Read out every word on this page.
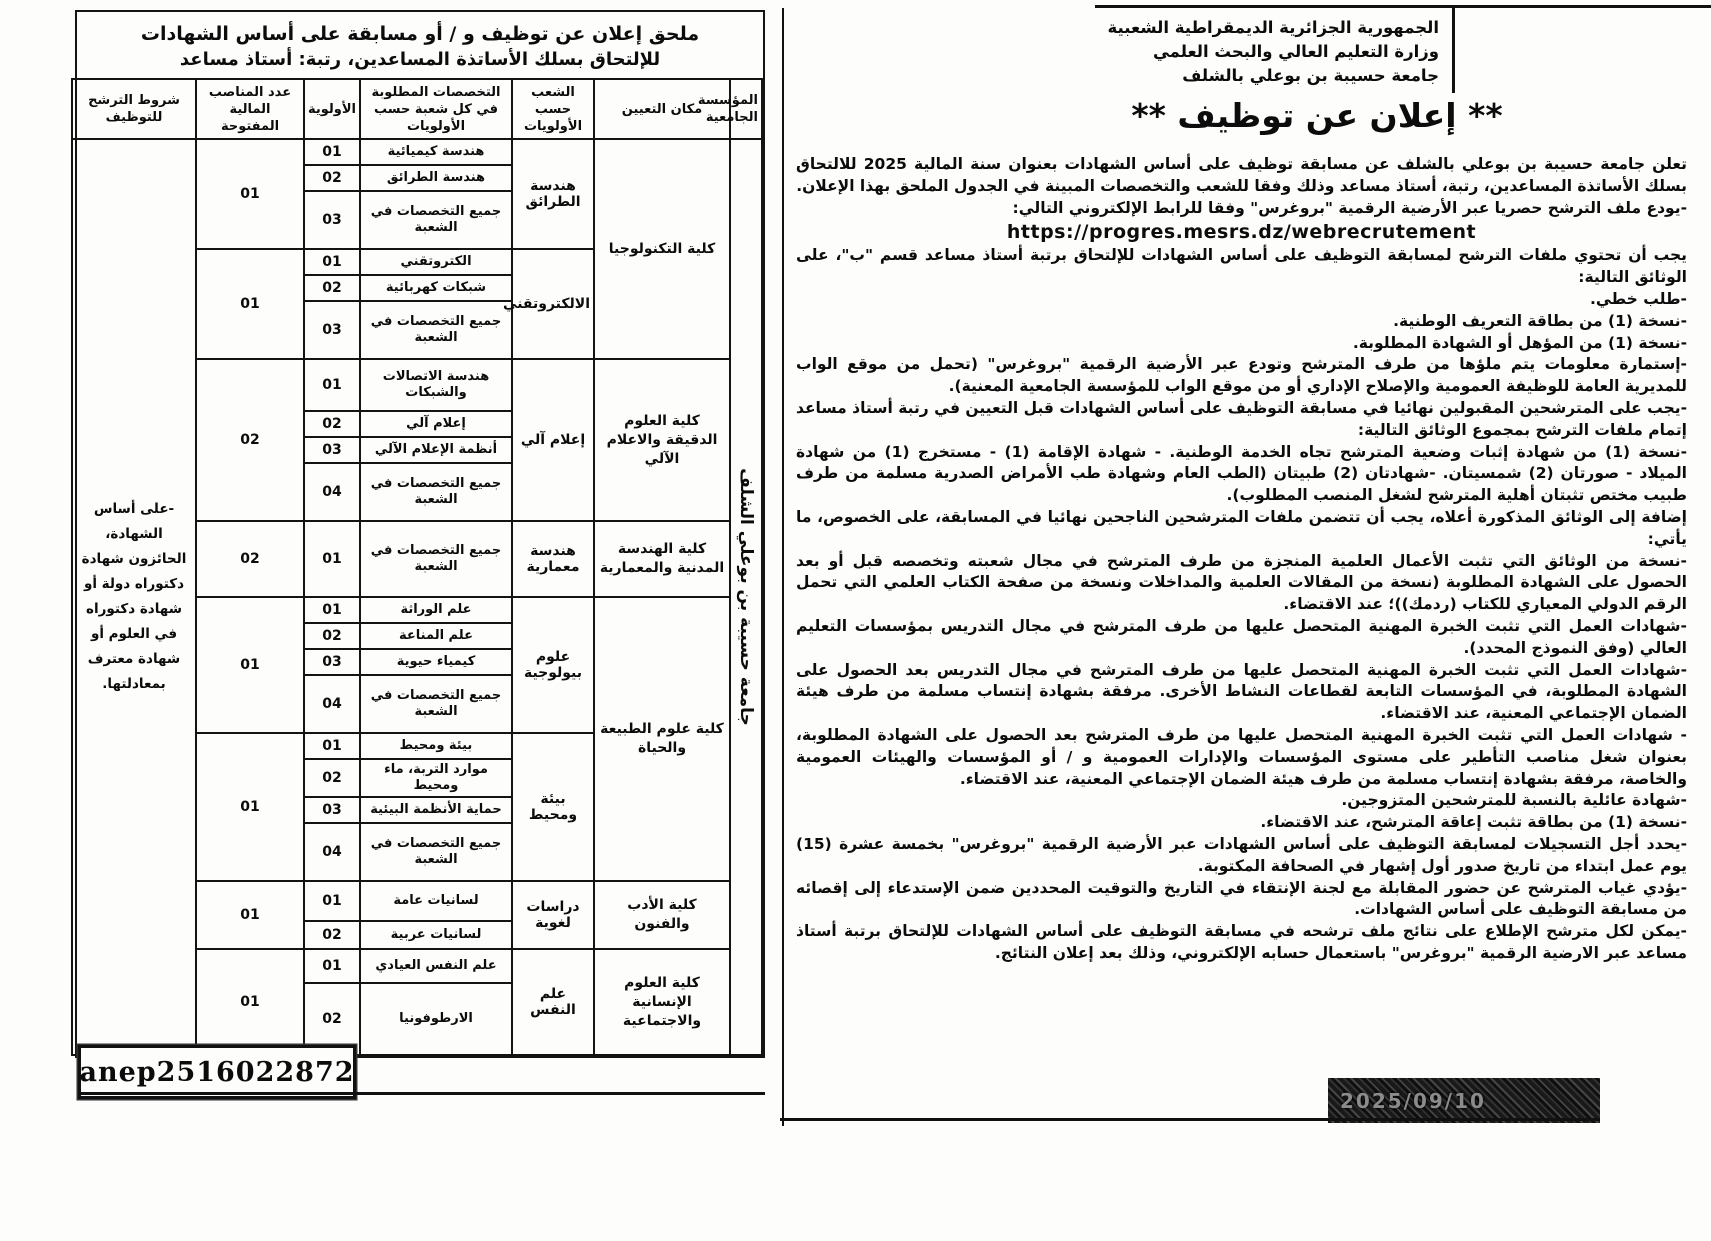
ملحق إعلان عن توظيف و / أو مسابقة على أساس الشهادات
للإلتحاق بسلك الأساتذة المساعدين، رتبة: أستاذ مساعد
المؤسسة الجامعية	مكان التعيين	الشعب حسب الأولويات	التخصصات المطلوبة في كل شعبة حسب الأولويات	الأولوية	عدد المناصب المالية المفتوحة	شروط الترشح للتوظيف

جامعة حسيبة بن بوعلي الشلف	كلية التكنولوجيا	هندسة الطرائق	هندسة كيميائية	01	01	-على أساس الشهادة، الحائزون شهادة دكتوراه دولة أو شهادة دكتوراه في العلوم أو شهادة معترف بمعادلتها.
			هندسة الطرائق	02		
			جميع التخصصات في الشعبة	03		
		الالكتروتقني	الكتروتقني	01	01	
			شبكات كهربائية	02		
			جميع التخصصات في الشعبة	03		
	كلية العلوم الدقيقة والاعلام الآلي	إعلام آلي	هندسة الاتصالات والشبكات	01	02	
			إعلام آلي	02		
			أنظمة الإعلام الآلي	03		
			جميع التخصصات في الشعبة	04		
	كلية الهندسة المدنية والمعمارية	هندسة معمارية	جميع التخصصات في الشعبة	01	02	
	كلية علوم الطبيعة والحياة	علوم بيولوجية	علم الوراثة	01	01	
			علم المناعة	02		
			كيمياء حيوية	03		
			جميع التخصصات في الشعبة	04		
		بيئة ومحيط	بيئة ومحيط	01	01	
			موارد التربة، ماء ومحيط	02		
			حماية الأنظمة البيئية	03		
			جميع التخصصات في الشعبة	04		
	كلية الأدب والفنون	دراسات لغوية	لسانيات عامة	01	01	
			لسانيات عربية	02		
	كلية العلوم الإنسانية والاجتماعية	علم النفس	علم النفس العيادي	01	01	
			الارطوفونيا	02		
anep2516022872
الجمهورية الجزائرية الديمقراطية الشعبية
وزارة التعليم العالي والبحث العلمي
جامعة حسيبة بن بوعلي بالشلف
** إعلان عن توظيف **
تعلن جامعة حسيبة بن بوعلي بالشلف عن مسابقة توظيف على أساس الشهادات بعنوان سنة المالية 2025 للالتحاق بسلك الأساتذة المساعدين، رتبة، أستاذ مساعد وذلك وفقا للشعب والتخصصات المبينة في الجدول الملحق بهذا الإعلان.
-يودع ملف الترشح حصريا عبر الأرضية الرقمية "بروغرس" وفقا للرابط الإلكتروني التالي:
https://progres.mesrs.dz/webrecrutement
يجب أن تحتوي ملفات الترشح لمسابقة التوظيف على أساس الشهادات للإلتحاق برتبة أستاذ مساعد قسم "ب"، على الوثائق التالية:
-طلب خطي.
-نسخة (1) من بطاقة التعريف الوطنية.
-نسخة (1) من المؤهل أو الشهادة المطلوبة.
-إستمارة معلومات يتم ملؤها من طرف المترشح وتودع عبر الأرضية الرقمية "بروغرس" (تحمل من موقع الواب للمديرية العامة للوظيفة العمومية والإصلاح الإداري أو من موقع الواب للمؤسسة الجامعية المعنية).
-يجب على المترشحين المقبولين نهائيا في مسابقة التوظيف على أساس الشهادات قبل التعيين في رتبة أستاذ مساعد إتمام ملفات الترشح بمجموع الوثائق التالية:
-نسخة (1) من شهادة إثبات وضعية المترشح تجاه الخدمة الوطنية. - شهادة الإقامة (1) - مستخرج (1) من شهادة الميلاد - صورتان (2) شمسيتان. -شهادتان (2) طبيتان (الطب العام وشهادة طب الأمراض الصدرية مسلمة من طرف طبيب مختص تثبتان أهلية المترشح لشغل المنصب المطلوب).
إضافة إلى الوثائق المذكورة أعلاه، يجب أن تتضمن ملفات المترشحين الناجحين نهائيا في المسابقة، على الخصوص، ما يأتي:
-نسخة من الوثائق التي تثبت الأعمال العلمية المنجزة من طرف المترشح في مجال شعبته وتخصصه قبل أو بعد الحصول على الشهادة المطلوبة (نسخة من المقالات العلمية والمداخلات ونسخة من صفحة الكتاب العلمي التي تحمل الرقم الدولي المعياري للكتاب (ردمك))؛ عند الاقتضاء.
-شهادات العمل التي تثبت الخبرة المهنية المتحصل عليها من طرف المترشح في مجال التدريس بمؤسسات التعليم العالي (وفق النموذج المحدد).
-شهادات العمل التي تثبت الخبرة المهنية المتحصل عليها من طرف المترشح في مجال التدريس بعد الحصول على الشهادة المطلوبة، في المؤسسات التابعة لقطاعات النشاط الأخرى. مرفقة بشهادة إنتساب مسلمة من طرف هيئة الضمان الإجتماعي المعنية، عند الاقتضاء.
- شهادات العمل التي تثبت الخبرة المهنية المتحصل عليها من طرف المترشح بعد الحصول على الشهادة المطلوبة، بعنوان شغل مناصب التأطير على مستوى المؤسسات والإدارات العمومية و / أو المؤسسات والهيئات العمومية والخاصة، مرفقة بشهادة إنتساب مسلمة من طرف هيئة الضمان الإجتماعي المعنية، عند الاقتضاء.
-شهادة عائلية بالنسبة للمترشحين المتزوجين.
-نسخة (1) من بطاقة تثبت إعاقة المترشح، عند الاقتضاء.
-يحدد أجل التسجيلات لمسابقة التوظيف على أساس الشهادات عبر الأرضية الرقمية "بروغرس" بخمسة عشرة (15) يوم عمل ابتداء من تاريخ صدور أول إشهار في الصحافة المكتوبة.
-يؤدي غياب المترشح عن حضور المقابلة مع لجنة الإنتقاء في التاريخ والتوقيت المحددين ضمن الإستدعاء إلى إقصائه من مسابقة التوظيف على أساس الشهادات.
-يمكن لكل مترشح الإطلاع على نتائج ملف ترشحه في مسابقة التوظيف على أساس الشهادات للإلتحاق برتبة أستاذ مساعد عبر الارضية الرقمية "بروغرس" باستعمال حسابه الإلكتروني، وذلك بعد إعلان النتائج.
2025/09/10
